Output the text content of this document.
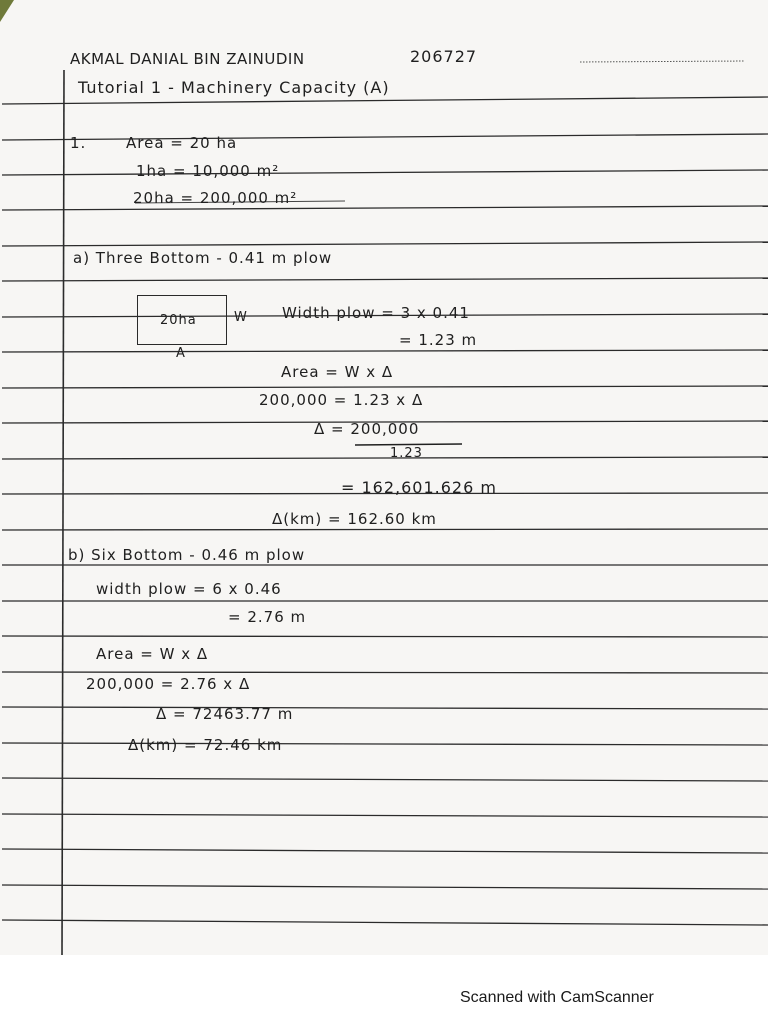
AKMAL DANIAL BIN ZAINUDIN	206727
Tutorial 1 - Machinery Capacity (A)
1.	Area = 20 ha
1ha = 10,000 m²
20ha = 200,000 m²
a) Three Bottom - 0.41 m plow
20ha	W
A
Width plow = 3 x 0.41
= 1.23 m
Area = W x Δ
200,000 = 1.23 x Δ
Δ = 200,000
1.23
= 162,601.626 m
Δ(km) = 162.60 km
b) Six Bottom - 0.46 m plow
width plow = 6 x 0.46
= 2.76 m
Area = W x Δ
200,000 = 2.76 x Δ
Δ = 72463.77 m
Δ(km) = 72.46 km
Scanned with CamScanner
